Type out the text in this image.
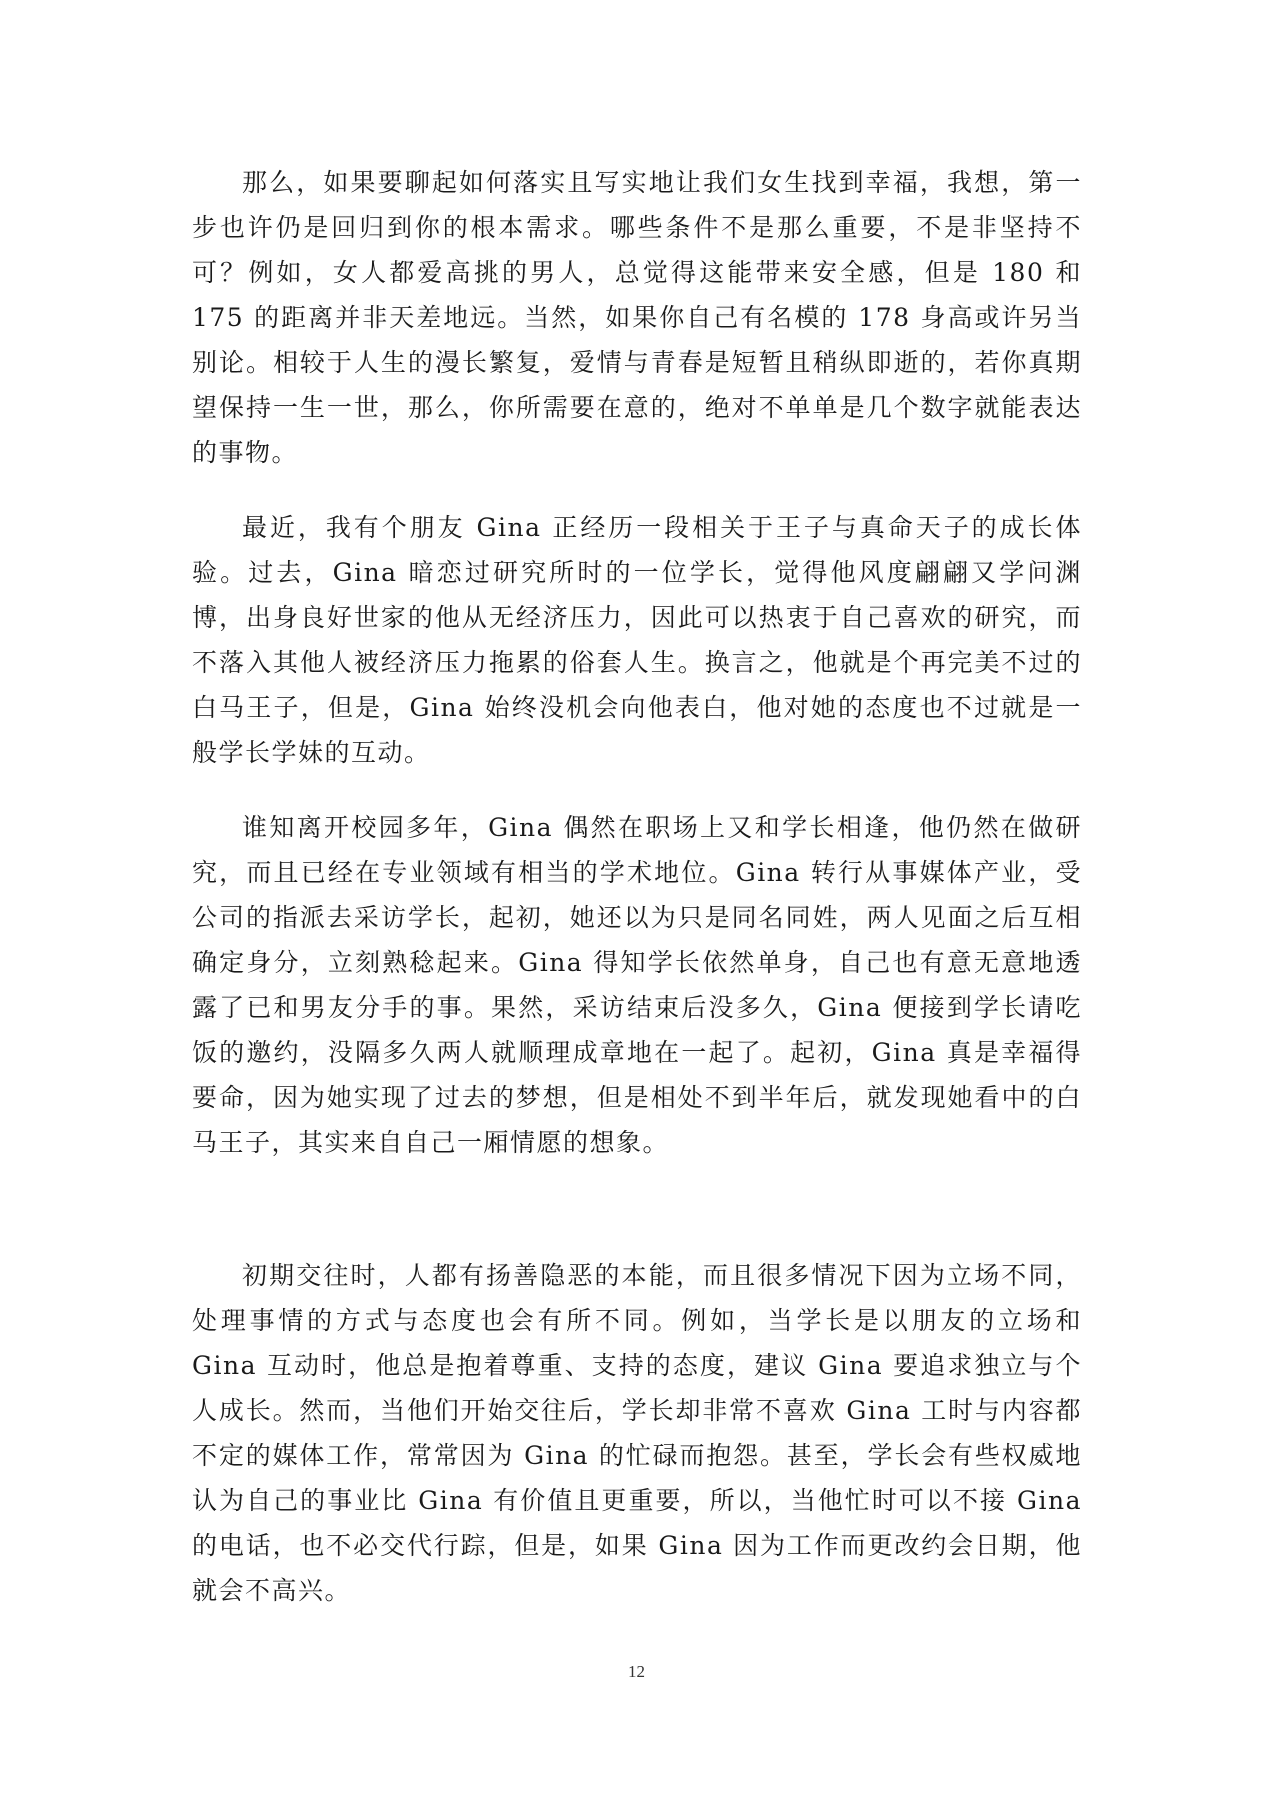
那么，如果要聊起如何落实且写实地让我们女生找到幸福，我想，第一步也许仍是回归到你的根本需求。哪些条件不是那么重要，不是非坚持不可？例如，女人都爱高挑的男人，总觉得这能带来安全感，但是 180 和 175 的距离并非天差地远。当然，如果你自己有名模的 178 身高或许另当别论。相较于人生的漫长繁复，爱情与青春是短暂且稍纵即逝的，若你真期望保持一生一世，那么，你所需要在意的，绝对不单单是几个数字就能表达的事物。

最近，我有个朋友 Gina 正经历一段相关于王子与真命天子的成长体验。过去，Gina 暗恋过研究所时的一位学长，觉得他风度翩翩又学问渊博，出身良好世家的他从无经济压力，因此可以热衷于自己喜欢的研究，而不落入其他人被经济压力拖累的俗套人生。换言之，他就是个再完美不过的白马王子，但是，Gina 始终没机会向他表白，他对她的态度也不过就是一般学长学妹的互动。

谁知离开校园多年，Gina 偶然在职场上又和学长相逢，他仍然在做研究，而且已经在专业领域有相当的学术地位。Gina 转行从事媒体产业，受公司的指派去采访学长，起初，她还以为只是同名同姓，两人见面之后互相确定身分，立刻熟稔起来。Gina 得知学长依然单身，自己也有意无意地透露了已和男友分手的事。果然，采访结束后没多久，Gina 便接到学长请吃饭的邀约，没隔多久两人就顺理成章地在一起了。起初，Gina 真是幸福得要命，因为她实现了过去的梦想，但是相处不到半年后，就发现她看中的白马王子，其实来自自己一厢情愿的想象。

初期交往时，人都有扬善隐恶的本能，而且很多情况下因为立场不同，处理事情的方式与态度也会有所不同。例如，当学长是以朋友的立场和 Gina 互动时，他总是抱着尊重、支持的态度，建议 Gina 要追求独立与个人成长。然而，当他们开始交往后，学长却非常不喜欢 Gina 工时与内容都不定的媒体工作，常常因为 Gina 的忙碌而抱怨。甚至，学长会有些权威地认为自己的事业比 Gina 有价值且更重要，所以，当他忙时可以不接 Gina 的电话，也不必交代行踪，但是，如果 Gina 因为工作而更改约会日期，他就会不高兴。

12
